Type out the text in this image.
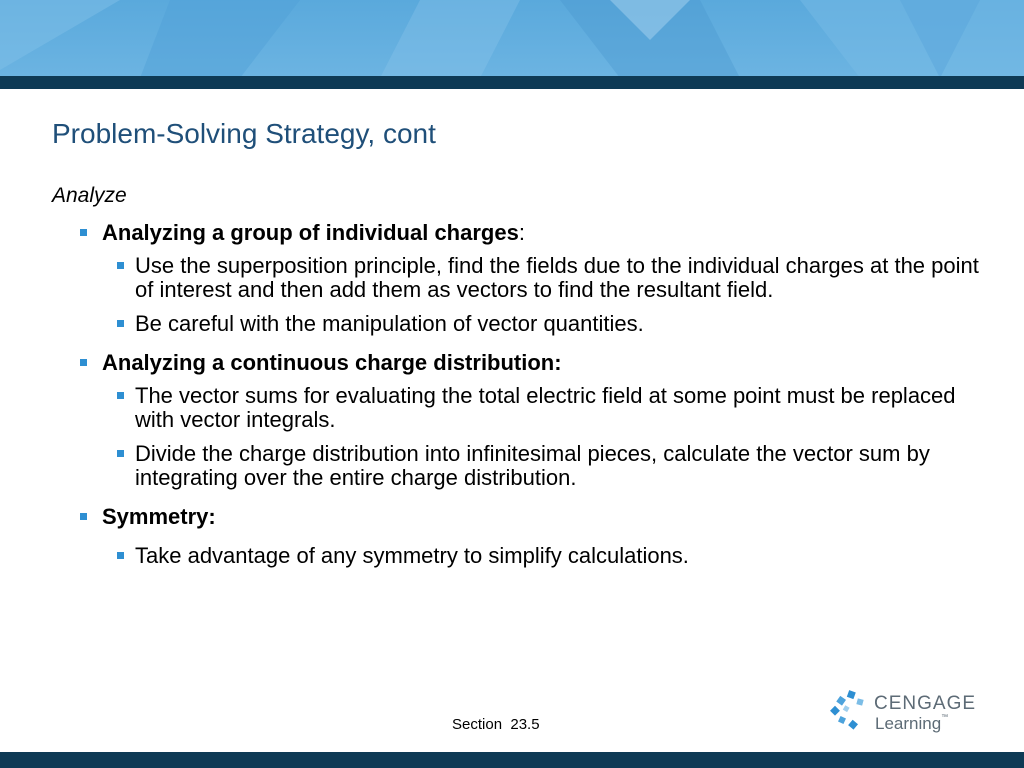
Problem-Solving Strategy, cont
Analyze
Analyzing a group of individual charges:
Use the superposition principle, find the fields due to the individual charges at the point of interest and then add them as vectors to find the resultant field.
Be careful with the manipulation of vector quantities.
Analyzing a continuous charge distribution:
The vector sums for evaluating the total electric field at some point must be replaced with vector integrals.
Divide the charge distribution into infinitesimal pieces, calculate the vector sum by integrating over the entire charge distribution.
Symmetry:
Take advantage of any symmetry to simplify calculations.
Section  23.5
CENGAGE
Learning™
